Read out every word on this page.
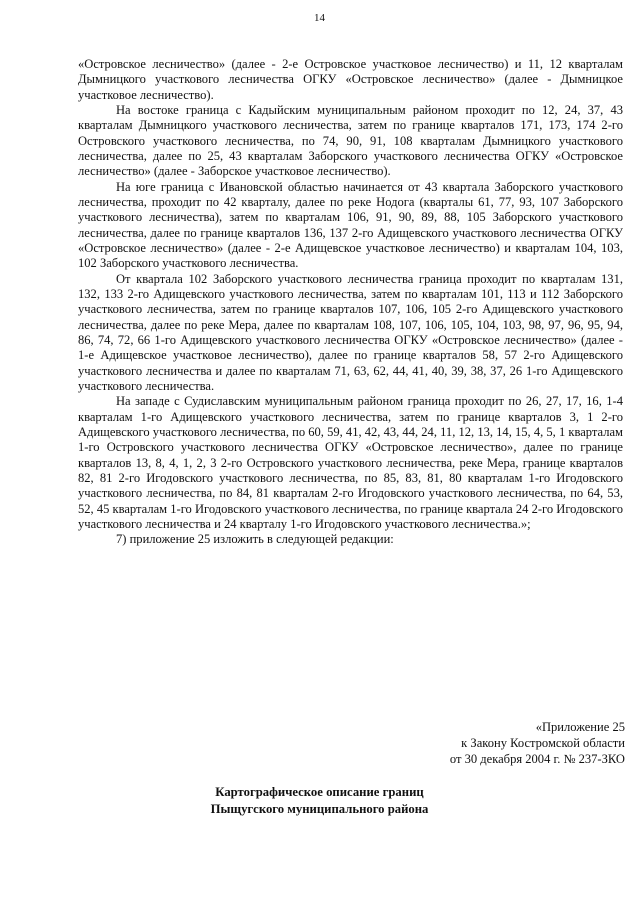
14

«Островское лесничество» (далее - 2-е Островское участковое лесничество) и 11, 12 кварталам Дымницкого участкового лесничества ОГКУ «Островское лесничество» (далее - Дымницкое участковое лесничество).

На востоке граница с Кадыйским муниципальным районом проходит по 12, 24, 37, 43 кварталам Дымницкого участкового лесничества, затем по границе кварталов 171, 173, 174 2-го Островского участкового лесничества, по 74, 90, 91, 108 кварталам Дымницкого участкового лесничества, далее по 25, 43 кварталам Заборского участкового лесничества ОГКУ «Островское лесничество» (далее - Заборское участковое лесничество).

На юге граница с Ивановской областью начинается от 43 квартала Заборского участкового лесничества, проходит по 42 кварталу, далее по реке Нодога (кварталы 61, 77, 93, 107 Заборского участкового лесничества), затем по кварталам 106, 91, 90, 89, 88, 105 Заборского участкового лесничества, далее по границе кварталов 136, 137 2-го Адищевского участкового лесничества ОГКУ «Островское лесничество» (далее - 2-е Адищевское участковое лесничество) и кварталам 104, 103, 102 Заборского участкового лесничества.

От квартала 102 Заборского участкового лесничества граница проходит по кварталам 131, 132, 133 2-го Адищевского участкового лесничества, затем по кварталам 101, 113 и 112 Заборского участкового лесничества, затем по границе кварталов 107, 106, 105 2-го Адищевского участкового лесничества, далее по реке Мера, далее по кварталам 108, 107, 106, 105, 104, 103, 98, 97, 96, 95, 94, 86, 74, 72, 66 1-го Адищевского участкового лесничества ОГКУ «Островское лесничество» (далее - 1-е Адищевское участковое лесничество), далее по границе кварталов 58, 57 2-го Адищевского участкового лесничества и далее по кварталам 71, 63, 62, 44, 41, 40, 39, 38, 37, 26 1-го Адищевского участкового лесничества.

На западе с Судиславским муниципальным районом граница проходит по 26, 27, 17, 16, 1-4 кварталам 1-го Адищевского участкового лесничества, затем по границе кварталов 3, 1 2-го Адищевского участкового лесничества, по 60, 59, 41, 42, 43, 44, 24, 11, 12, 13, 14, 15, 4, 5, 1 кварталам 1-го Островского участкового лесничества ОГКУ «Островское лесничество», далее по границе кварталов 13, 8, 4, 1, 2, 3 2-го Островского участкового лесничества, реке Мера, границе кварталов 82, 81 2-го Игодовского участкового лесничества, по 85, 83, 81, 80 кварталам 1-го Игодовского участкового лесничества, по 84, 81 кварталам 2-го Игодовского участкового лесничества, по 64, 53, 52, 45 кварталам 1-го Игодовского участкового лесничества, по границе квартала 24 2-го Игодовского участкового лесничества и 24 кварталу 1-го Игодовского участкового лесничества.»;

7) приложение 25 изложить в следующей редакции:

«Приложение 25
к Закону Костромской области
от 30 декабря 2004 г. № 237-ЗКО
Картографическое описание границ
Пыщугского муниципального района
